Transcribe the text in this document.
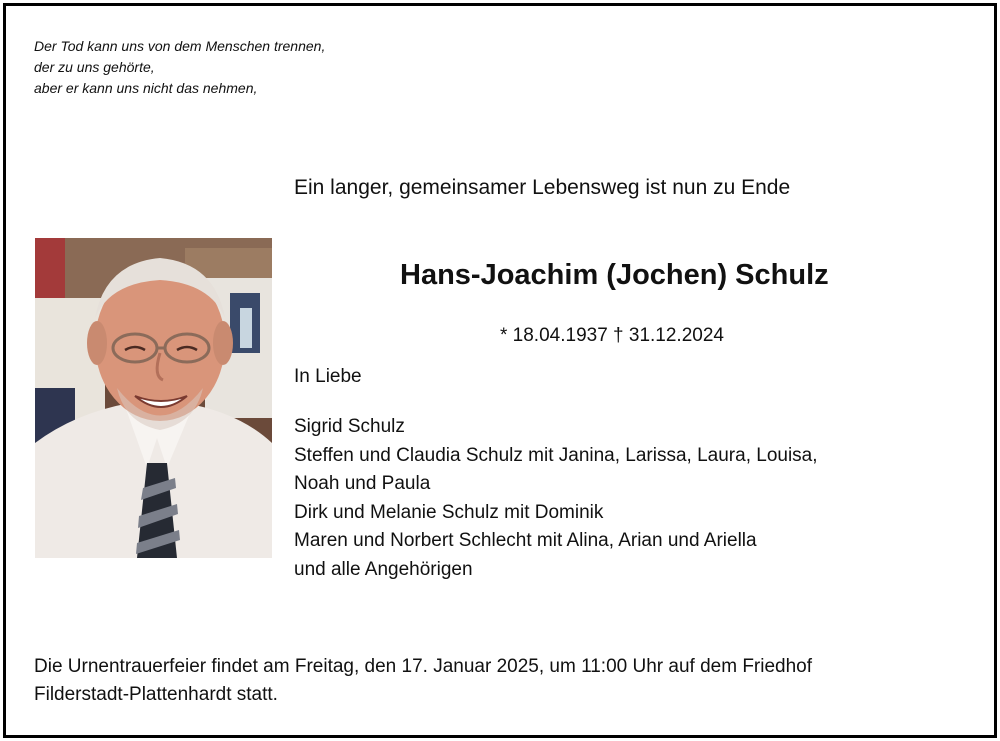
Der Tod kann uns von dem Menschen trennen,
der zu uns gehörte,
aber er kann uns nicht das nehmen,
Ein langer, gemeinsamer Lebensweg ist nun zu Ende
Hans-Joachim (Jochen) Schulz
* 18.04.1937 † 31.12.2024
In Liebe
Sigrid Schulz
Steffen und Claudia Schulz mit Janina, Larissa, Laura, Louisa,
Noah und Paula
Dirk und Melanie Schulz mit Dominik
Maren und Norbert Schlecht mit Alina, Arian und Ariella
und alle Angehörigen
Die Urnentrauerfeier findet am Freitag, den 17. Januar 2025, um 11:00 Uhr auf dem Friedhof
Filderstadt-Plattenhardt statt.
